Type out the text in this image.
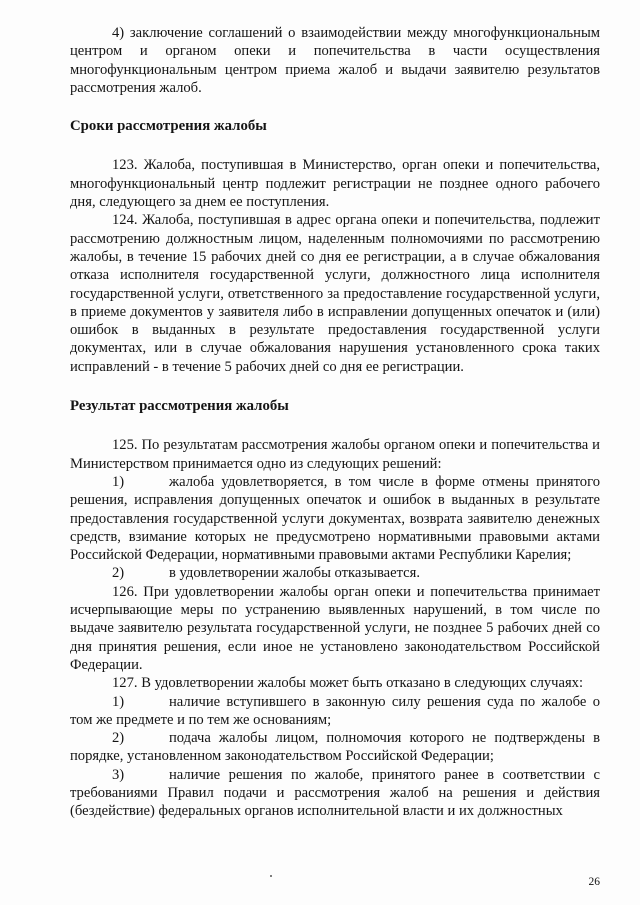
4) заключение соглашений о взаимодействии между многофункциональным центром и органом опеки и попечительства в части осуществления многофункциональным центром приема жалоб и выдачи заявителю результатов рассмотрения жалоб.

Сроки рассмотрения жалобы

123. Жалоба, поступившая в Министерство, орган опеки и попечительства, многофункциональный центр подлежит регистрации не позднее одного рабочего дня, следующего за днем ее поступления.

124. Жалоба, поступившая в адрес органа опеки и попечительства, подлежит рассмотрению должностным лицом, наделенным полномочиями по рассмотрению жалобы, в течение 15 рабочих дней со дня ее регистрации, а в случае обжалования отказа исполнителя государственной услуги, должностного лица исполнителя государственной услуги, ответственного за предоставление государственной услуги, в приеме документов у заявителя либо в исправлении допущенных опечаток и (или) ошибок в выданных в результате предоставления государственной услуги документах, или в случае обжалования нарушения установленного срока таких исправлений - в течение 5 рабочих дней со дня ее регистрации.

Результат рассмотрения жалобы

125. По результатам рассмотрения жалобы органом опеки и попечительства и Министерством принимается одно из следующих решений:

1)	жалоба удовлетворяется, в том числе в форме отмены принятого решения, исправления допущенных опечаток и ошибок в выданных в результате предоставления государственной услуги документах, возврата заявителю денежных средств, взимание которых не предусмотрено нормативными правовыми актами Российской Федерации, нормативными правовыми актами Республики Карелия;

2)	в удовлетворении жалобы отказывается.

126. При удовлетворении жалобы орган опеки и попечительства принимает исчерпывающие меры по устранению выявленных нарушений, в том числе по выдаче заявителю результата государственной услуги, не позднее 5 рабочих дней со дня принятия решения, если иное не установлено законодательством Российской Федерации.

127. В удовлетворении жалобы может быть отказано в следующих случаях:

1)	наличие вступившего в законную силу решения суда по жалобе о том же предмете и по тем же основаниям;

2)	подача жалобы лицом, полномочия которого не подтверждены в порядке, установленном законодательством Российской Федерации;

3)	наличие решения по жалобе, принятого ранее в соответствии с требованиями Правил подачи и рассмотрения жалоб на решения и действия (бездействие) федеральных органов исполнительной власти и их должностных

26
